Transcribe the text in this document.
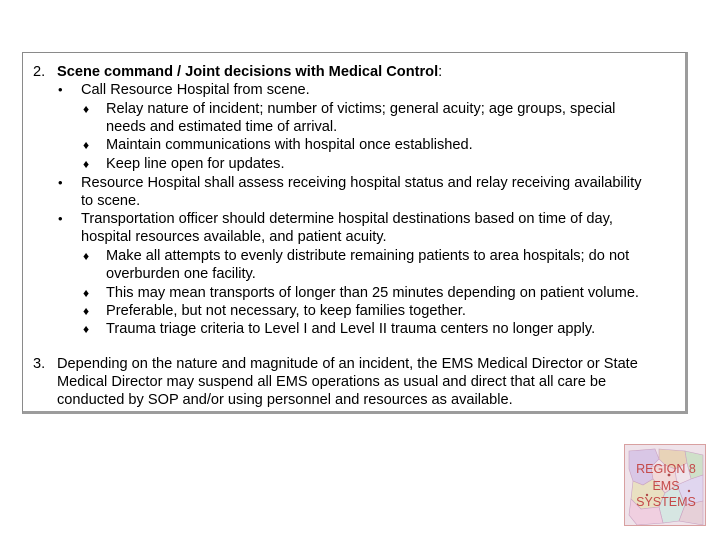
2. Scene command / Joint decisions with Medical Control:
• Call Resource Hospital from scene.
♦ Relay nature of incident; number of victims; general acuity; age groups, special
needs and estimated time of arrival.
♦ Maintain communications with hospital once established.
♦ Keep line open for updates.
• Resource Hospital shall assess receiving hospital status and relay receiving availability
to scene.
• Transportation officer should determine hospital destinations based on time of day,
hospital resources available, and patient acuity.
♦ Make all attempts to evenly distribute remaining patients to area hospitals; do not
overburden one facility.
♦ This may mean transports of longer than 25 minutes depending on patient volume.
♦ Preferable, but not necessary, to keep families together.
♦ Trauma triage criteria to Level I and Level II trauma centers no longer apply.
3. Depending on the nature and magnitude of an incident, the EMS Medical Director or State
Medical Director may suspend all EMS operations as usual and direct that all care be
conducted by SOP and/or using personnel and resources as available.
REGION 8
EMS
SYSTEMS
